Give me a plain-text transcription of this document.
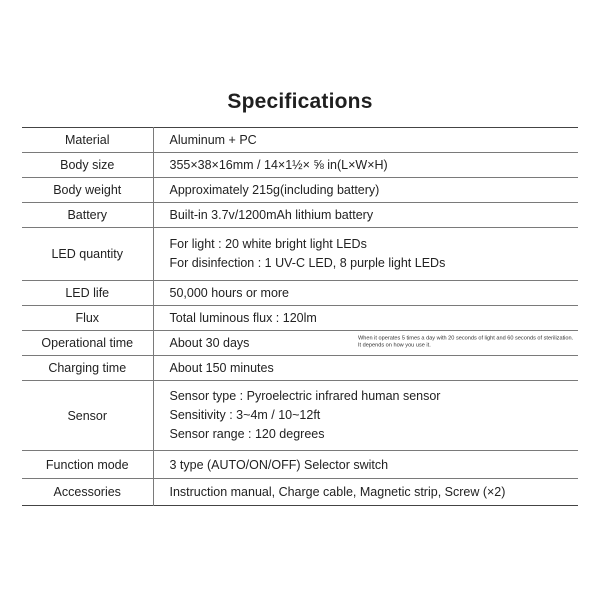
Specifications
Material	Aluminum + PC
Body size	355×38×16mm / 14×1½× ⅝ in(L×W×H)
Body weight	Approximately 215g(including battery)
Battery	Built-in 3.7v/1200mAh lithium battery
LED quantity	For light : 20 white bright light LEDs
For disinfection : 1 UV-C LED, 8 purple light LEDs

LED life	50,000 hours or more
Flux	Total luminous flux : 120lm
Operational time	About 30 days When it operates 5 times a day with 20 seconds of light and 60 seconds of sterilization. It depends on how you use it.

Charging time	About 150 minutes
Sensor	Sensor type : Pyroelectric infrared human sensor
Sensitivity : 3~4m / 10~12ft
Sensor range : 120 degrees

Function mode	3 type (AUTO/ON/OFF) Selector switch
Accessories	Instruction manual, Charge cable, Magnetic strip, Screw (×2)
